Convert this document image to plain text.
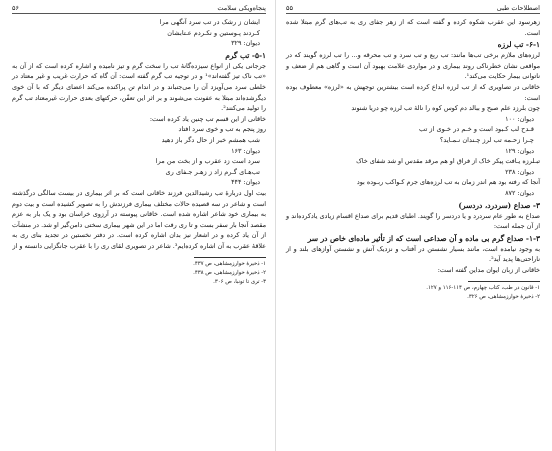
پنجاه‌ویکی سلامت
۵۶
ایشان ز رشک در تب سرد آنگهی مرا
کـردند پـوستین و نکـردم عـتابشان
دیوان: ۳۲۹
۵-۱- تب گرم

جرجانی یکی از انواع سیزده‌گانهٔ تب را سخت گرم و تیز نامیده و اشاره کرده است که از آن به «تب ناک تیز گفته‌اند»¹ و در توجیه تب گرم گفته است: آن گاه که حرارت غریب و غیر معتاد در خلطی سرد می‌آویزد آن را می‌جنباند و در اندام تن پراکنده می‌کند اعضای دیگر که با آن خوی دیگرشده‌اند مبتلا به عفونت می‌شوند و بر اثر این تعفّن، حرکتهای بعدی حرارت غیرمعتاد تب گرم را تولید می‌کنند².

خاقانی از این قسم تب چنین یاد کرده است:

روز پنجم به تب و خوی سرد افتاد

شب همشم خبر از حال دگر باز دهید
دیوان: ۱۶۳
سرد است زد عقرب و از بخت من مرا
تب‌هـای گـرم زاد ز زهـر جـفای ری
دیوان: ۴۴۴

بیت اول دربارهٔ تب رشیدالدین فرزند خاقانی است که بر اثر بیماری در بیست سالگی درگذشته است و شاعر در سه قصیده حالات مختلف بیماری فرزندش را به تصویر کشیده است و بیت دوم به بیماری خود شاعر اشاره شده است. خاقانی پیوسته در آرزوی خراسان بود و یک بار به عزم مقصد آنجا بار سفر بست و تا ری رفت اما در این شهر بیماری سختی دامن‌گیر او شد. در منشآت از آن یاد کرده و در اشعار نیز بدان اشاره کرده است. در دفتر نخستین در تجدید بنای ری به علاقهٔ عقرب به آن اشاره کرده‌ایم³. شاعر در تصویری لقای ری را با عقرب جانگزایی دانسته و از

۱- ذخیرهٔ خوارزمشاهی، ص ۴۳۷.
۲- ذخیرهٔ خوارزمشاهی، ص ۴۳۸.
۳- تری تا تونبا، ص ۳۰۶.
اصطلاحات طبی
۵۵

زهرسود این عقرب شکوه کرده و گفته است که از زهر جفای ری به تب‌های گرم مبتلا شده است.

۶-۱- تب لرزه

لرزه‌های ملازم برخی تب‌ها مانند: تب ربع و تب سرد و تب محرقه و... را تب لرزه گویند که در مواقعی نشان خطرناکی روند بیماری و در مواردی علامت بهبود آن است و گاهی هم از ضعف و ناتوانی بیمار حکایت می‌کند¹.

خاقانی در تصاویری که از تب لرزه ابداع کرده است بیشترین توجهش به «لرزه» معطوف بوده است:

چون بلرزد علم صبح و ببالد دم کوس کوه را نالهٔ تب لرزه چو دریا شنوند

دیوان: ۱۰۰
قـدح لب کـبود است و خـم در خـوی از تب
چـرا زحـمه تب لرز چـندان نـمـاید؟
دیوان: ۱۲۹

تبـلرزه یـافت پیکر خاک از فراق او هم مرقد مقدس او شد شفای خاک

دیوان: ۲۳۸

آنجا که رفته بود هم اندر زمان به تب لرزه‌های جرم کـواکب ربـوده بود

دیوان: ۸۷۲
۳- صداع (سردرد، دردسر)

صداع به طور عام سردرد و یا دردسر را گویند. اطبای قدیم برای صداع اقسام زیادی یادکرده‌اند و از آن جمله است:

۱-۳- صداع گرم بی ماده و آن صداعی است که از تأثیر ماده‌ای خاص در سر

به وجود نیامده است، مانند بسیار نشستن در آفتاب و نزدیک آتش و نشستن آوازهای بلند و از ناراحتی‌ها پدید آید².

خاقانی از زبان ایوان مداین گفته است:

۱- قانون در طب، کتاب چهارم، ص ۱۱۴-۱۱۶ و ۱۲۷.
۲- ذخیرهٔ خوارزمشاهی، ص ۳۲۶.
